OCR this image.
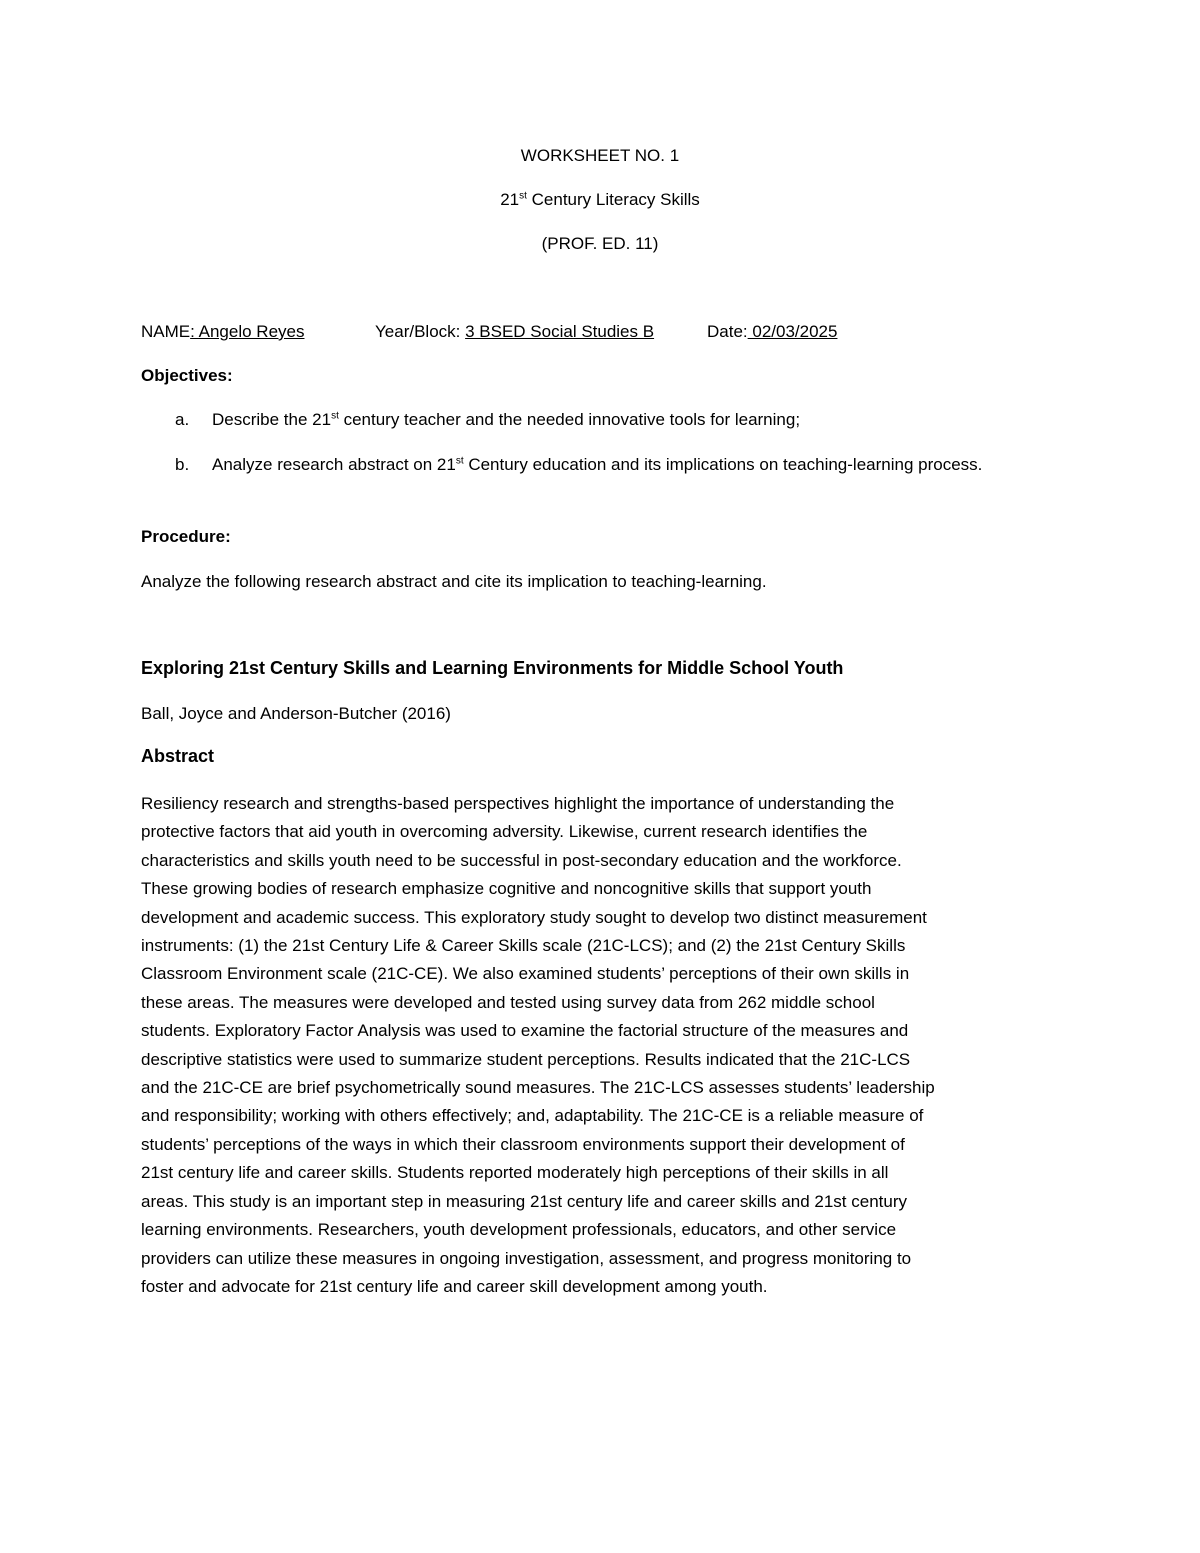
WORKSHEET NO. 1
21st Century Literacy Skills
(PROF. ED. 11)
NAME: Angelo Reyes	Year/Block: 3 BSED Social Studies B	Date: 02/03/2025
Objectives:
a. Describe the 21st century teacher and the needed innovative tools for learning;
b. Analyze research abstract on 21st Century education and its implications on teaching-learning process.
Procedure:
Analyze the following research abstract and cite its implication to teaching-learning.
Exploring 21st Century Skills and Learning Environments for Middle School Youth
Ball, Joyce and Anderson-Butcher (2016)
Abstract
Resiliency research and strengths-based perspectives highlight the importance of understanding the
protective factors that aid youth in overcoming adversity. Likewise, current research identifies the
characteristics and skills youth need to be successful in post-secondary education and the workforce.
These growing bodies of research emphasize cognitive and noncognitive skills that support youth
development and academic success. This exploratory study sought to develop two distinct measurement
instruments: (1) the 21st Century Life & Career Skills scale (21C-LCS); and (2) the 21st Century Skills
Classroom Environment scale (21C-CE). We also examined students’ perceptions of their own skills in
these areas. The measures were developed and tested using survey data from 262 middle school
students. Exploratory Factor Analysis was used to examine the factorial structure of the measures and
descriptive statistics were used to summarize student perceptions. Results indicated that the 21C-LCS
and the 21C-CE are brief psychometrically sound measures. The 21C-LCS assesses students’ leadership
and responsibility; working with others effectively; and, adaptability. The 21C-CE is a reliable measure of
students’ perceptions of the ways in which their classroom environments support their development of
21st century life and career skills. Students reported moderately high perceptions of their skills in all
areas. This study is an important step in measuring 21st century life and career skills and 21st century
learning environments. Researchers, youth development professionals, educators, and other service
providers can utilize these measures in ongoing investigation, assessment, and progress monitoring to
foster and advocate for 21st century life and career skill development among youth.
